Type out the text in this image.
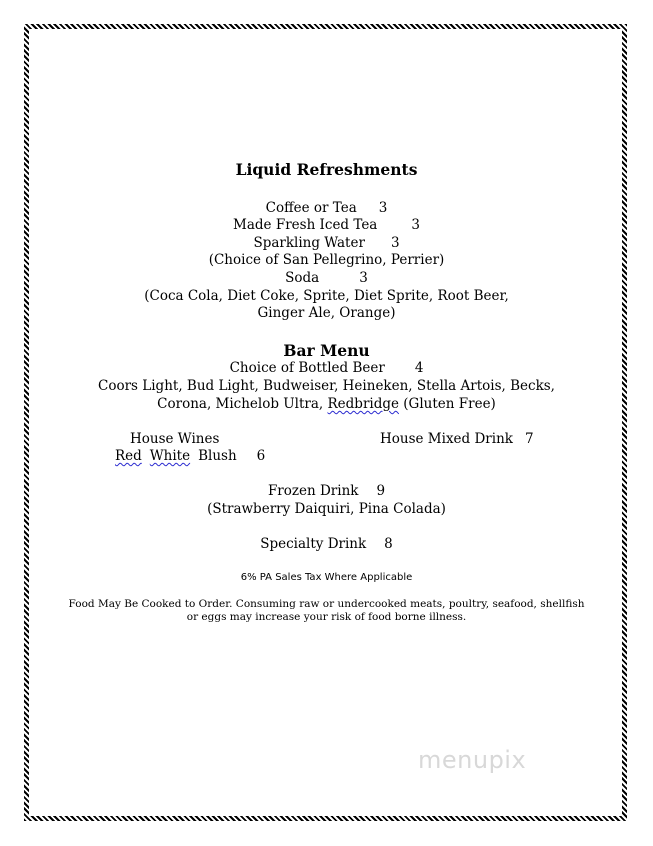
Liquid Refreshments
Coffee or Tea 3
Made Fresh Iced Tea	3
Sparkling Water 3
(Choice of San Pellegrino, Perrier)
Soda	3
(Coca Cola, Diet Coke, Sprite, Diet Sprite, Root Beer,
Ginger Ale, Orange)
Bar Menu
Choice of Bottled Beer 4
Coors Light, Bud Light, Budweiser, Heineken, Stella Artois, Becks,
Corona, Michelob Ultra, Redbridge (Gluten Free)
House Wines	House Mixed Drink 7
Red White Blush 6
Frozen Drink 9
(Strawberry Daiquiri, Pina Colada)
Specialty Drink 8
6% PA Sales Tax Where Applicable
Food May Be Cooked to Order. Consuming raw or undercooked meats, poultry, seafood, shellfish
or eggs may increase your risk of food borne illness.
menupix
